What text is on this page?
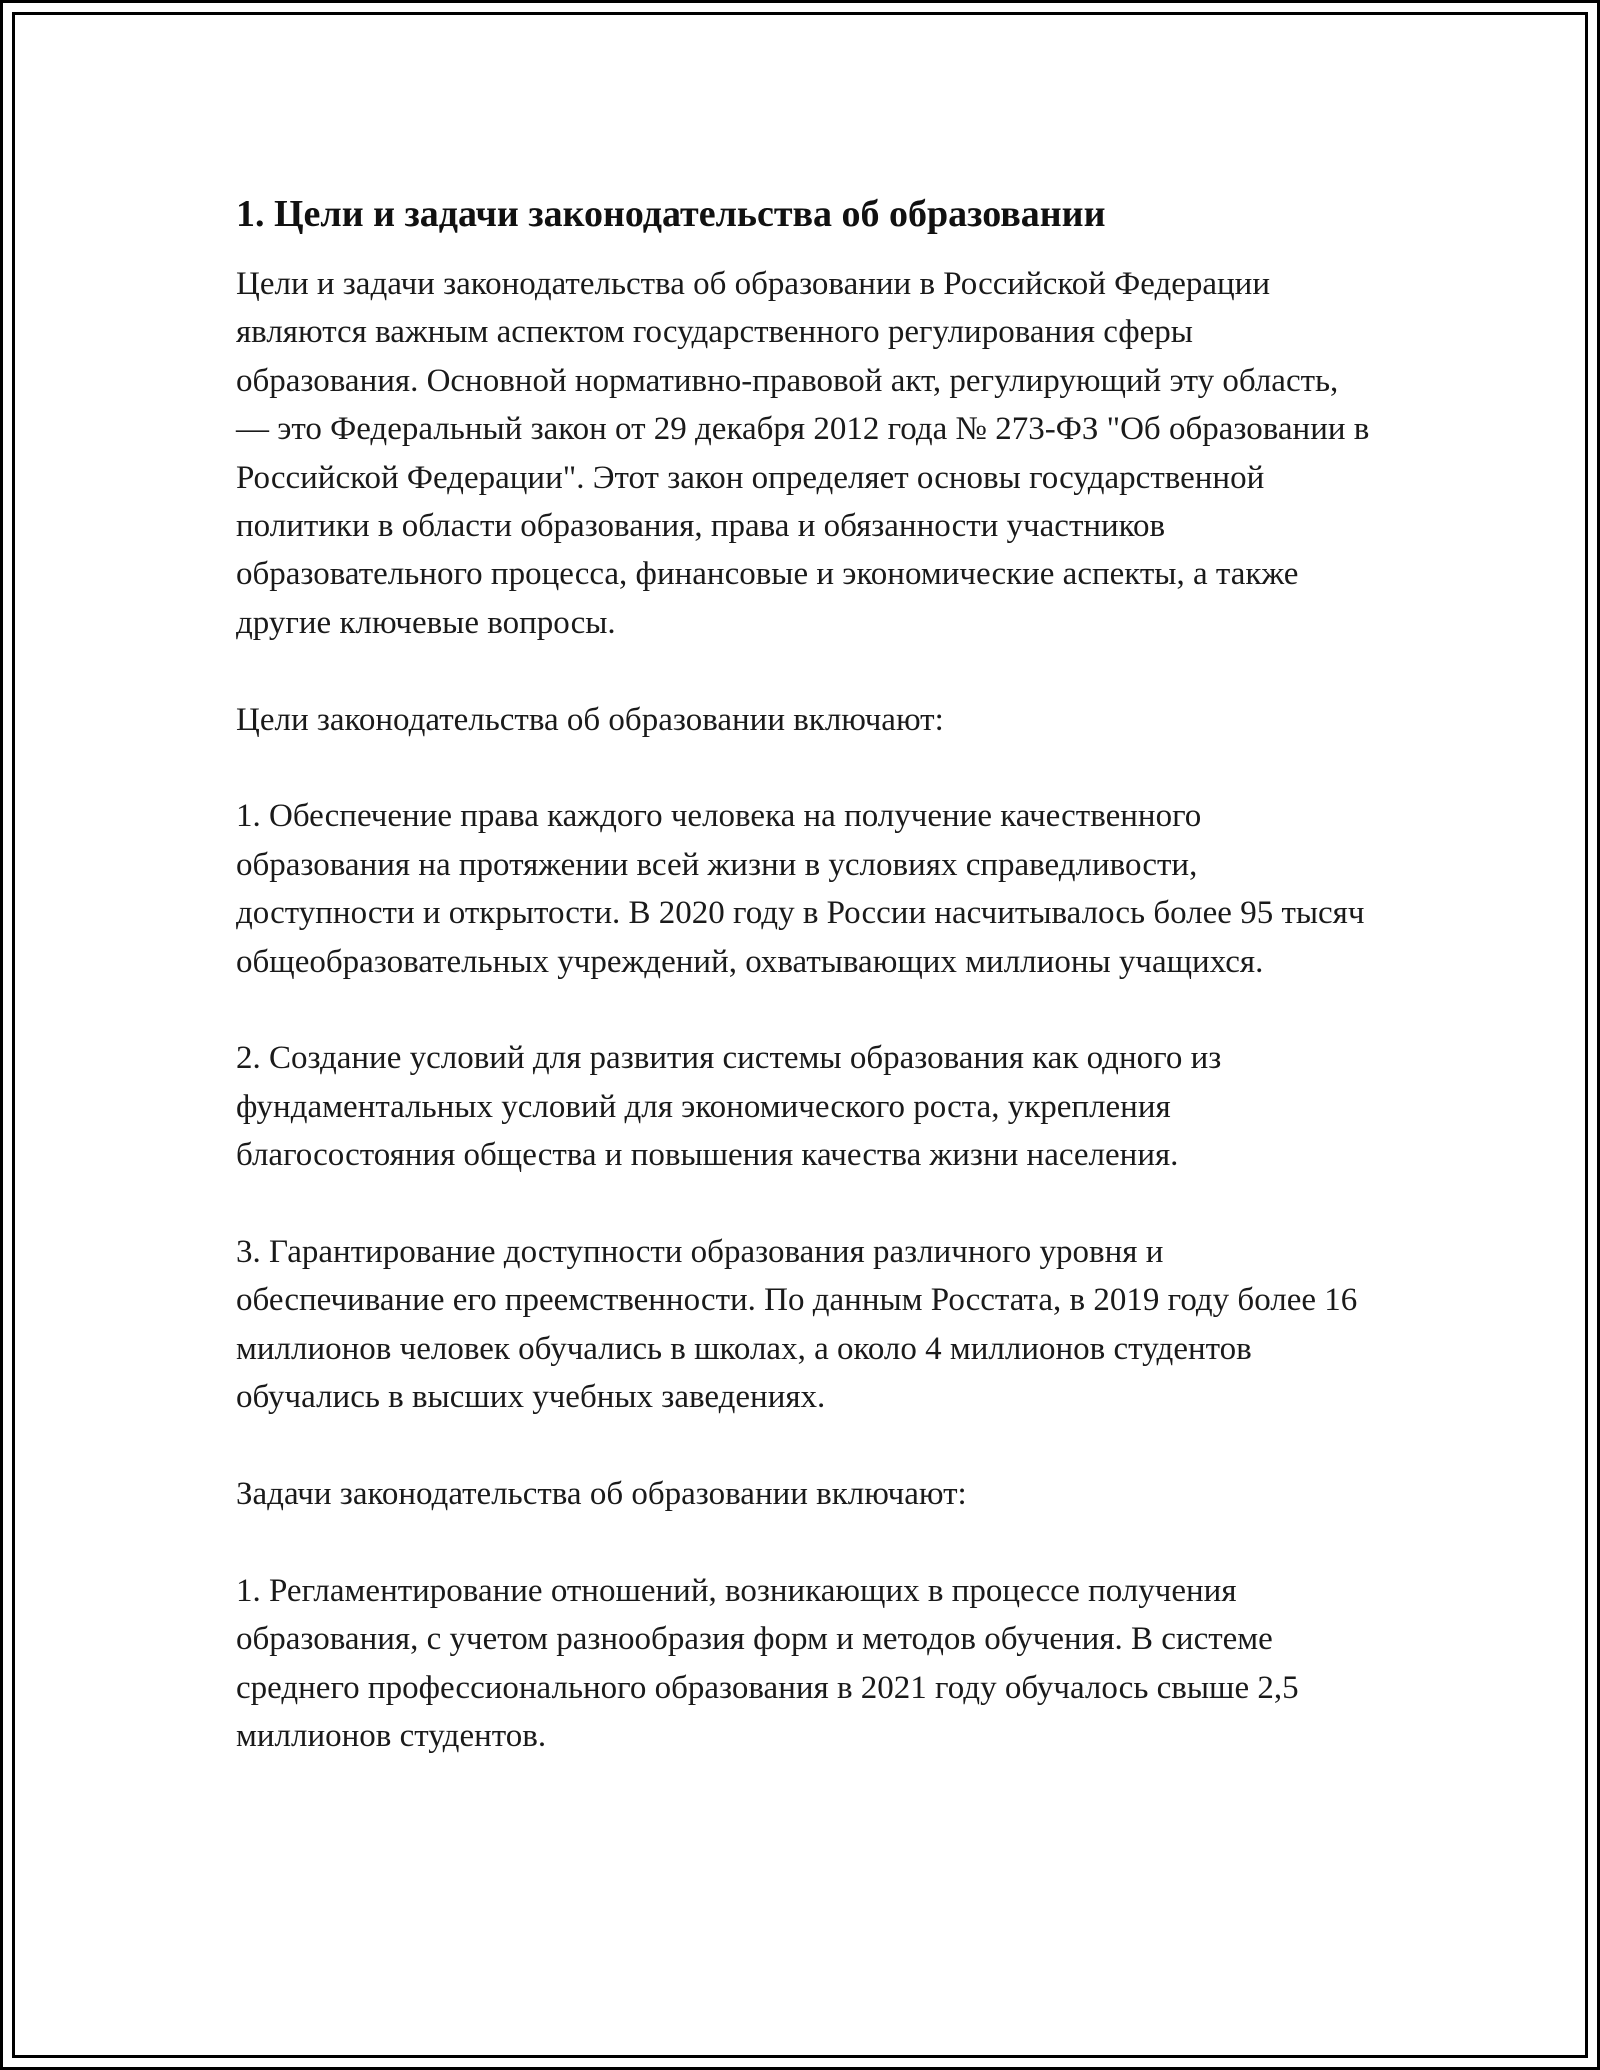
1. Цели и задачи законодательства об образовании

Цели и задачи законодательства об образовании в Российской Федерации являются важным аспектом государственного регулирования сферы образования. Основной нормативно-правовой акт, регулирующий эту область, — это Федеральный закон от 29 декабря 2012 года № 273-ФЗ "Об образовании в Российской Федерации". Этот закон определяет основы государственной политики в области образования, права и обязанности участников образовательного процесса, финансовые и экономические аспекты, а также другие ключевые вопросы.

Цели законодательства об образовании включают:

1. Обеспечение права каждого человека на получение качественного образования на протяжении всей жизни в условиях справедливости, доступности и открытости. В 2020 году в России насчитывалось более 95 тысяч общеобразовательных учреждений, охватывающих миллионы учащихся.

2. Создание условий для развития системы образования как одного из фундаментальных условий для экономического роста, укрепления благосостояния общества и повышения качества жизни населения.

3. Гарантирование доступности образования различного уровня и обеспечивание его преемственности. По данным Росстата, в 2019 году более 16 миллионов человек обучались в школах, а около 4 миллионов студентов обучались в высших учебных заведениях.

Задачи законодательства об образовании включают:

1. Регламентирование отношений, возникающих в процессе получения образования, с учетом разнообразия форм и методов обучения. В системе среднего профессионального образования в 2021 году обучалось свыше 2,5 миллионов студентов.
